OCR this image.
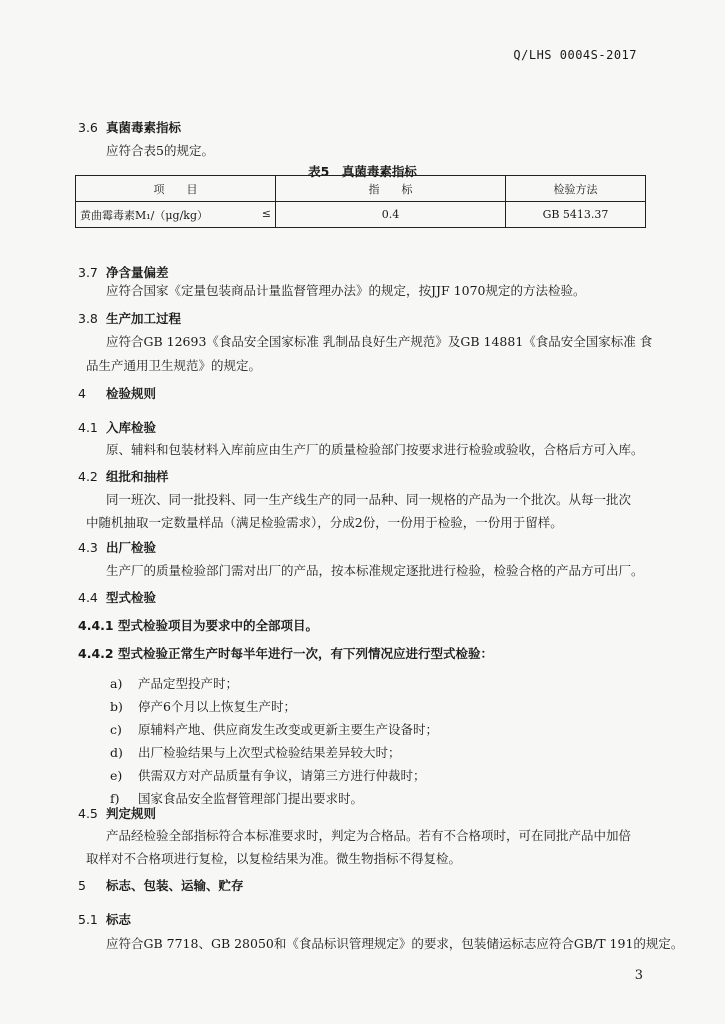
Q/LHS 0004S-2017
3.6 真菌毒素指标
应符合表5的规定。
表5　真菌毒素指标
项　　目	指　　标	检验方法

黄曲霉毒素M₁/（μg/kg） ≤	0.4	GB 5413.37
3.7 净含量偏差
应符合国家《定量包装商品计量监督管理办法》的规定，按JJF 1070规定的方法检验。
3.8 生产加工过程
应符合GB 12693《食品安全国家标准 乳制品良好生产规范》及GB 14881《食品安全国家标准 食
品生产通用卫生规范》的规定。
4 检验规则
4.1 入库检验
原、辅料和包装材料入库前应由生产厂的质量检验部门按要求进行检验或验收，合格后方可入库。
4.2 组批和抽样
同一班次、同一批投料、同一生产线生产的同一品种、同一规格的产品为一个批次。从每一批次
中随机抽取一定数量样品（满足检验需求），分成2份，一份用于检验，一份用于留样。
4.3 出厂检验
生产厂的质量检验部门需对出厂的产品，按本标准规定逐批进行检验，检验合格的产品方可出厂。
4.4 型式检验
4.4.1 型式检验项目为要求中的全部项目。
4.4.2 型式检验正常生产时每半年进行一次，有下列情况应进行型式检验：
a) 产品定型投产时；
b) 停产6个月以上恢复生产时；
c) 原辅料产地、供应商发生改变或更新主要生产设备时；
d) 出厂检验结果与上次型式检验结果差异较大时；
e) 供需双方对产品质量有争议，请第三方进行仲裁时；
f) 国家食品安全监督管理部门提出要求时。
4.5 判定规则
产品经检验全部指标符合本标准要求时，判定为合格品。若有不合格项时，可在同批产品中加倍
取样对不合格项进行复检，以复检结果为准。微生物指标不得复检。
5 标志、包装、运输、贮存
5.1 标志
应符合GB 7718、GB 28050和《食品标识管理规定》的要求，包装储运标志应符合GB/T 191的规定。
3
